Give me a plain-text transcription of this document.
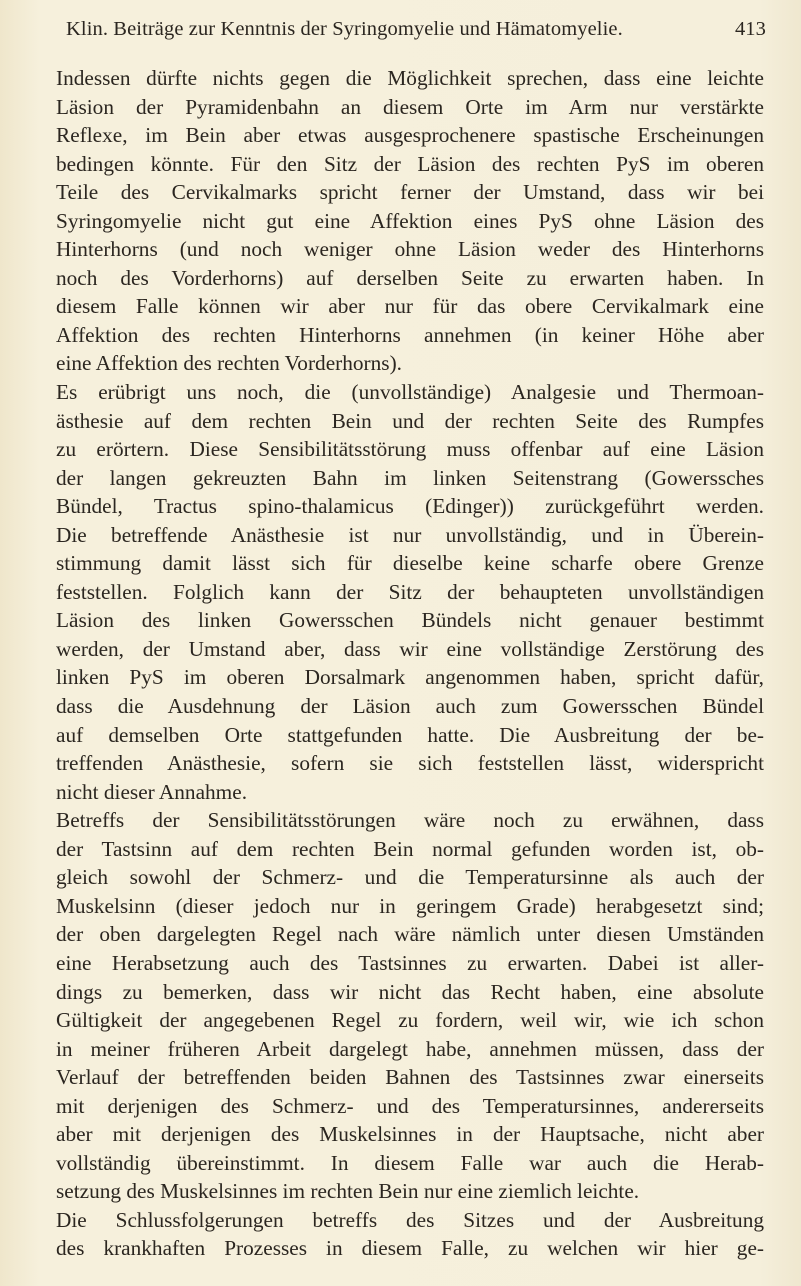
Klin. Beiträge zur Kenntnis der Syringomyelie und Hämatomyelie.	413

Indessen dürfte nichts gegen die Möglichkeit sprechen, dass eine leichte
Läsion der Pyramidenbahn an diesem Orte im Arm nur verstärkte
Reflexe, im Bein aber etwas ausgesprochenere spastische Erscheinungen
bedingen könnte. Für den Sitz der Läsion des rechten PyS im oberen
Teile des Cervikalmarks spricht ferner der Umstand, dass wir bei
Syringomyelie nicht gut eine Affektion eines PyS ohne Läsion des
Hinterhorns (und noch weniger ohne Läsion weder des Hinterhorns
noch des Vorderhorns) auf derselben Seite zu erwarten haben. In
diesem Falle können wir aber nur für das obere Cervikalmark eine
Affektion des rechten Hinterhorns annehmen (in keiner Höhe aber
eine Affektion des rechten Vorderhorns).

Es erübrigt uns noch, die (unvollständige) Analgesie und Thermoan-
ästhesie auf dem rechten Bein und der rechten Seite des Rumpfes
zu erörtern. Diese Sensibilitätsstörung muss offenbar auf eine Läsion
der langen gekreuzten Bahn im linken Seitenstrang (Gowerssches
Bündel, Tractus spino-thalamicus (Edinger)) zurückgeführt werden.
Die betreffende Anästhesie ist nur unvollständig, und in Überein-
stimmung damit lässt sich für dieselbe keine scharfe obere Grenze
feststellen. Folglich kann der Sitz der behaupteten unvollständigen
Läsion des linken Gowersschen Bündels nicht genauer bestimmt
werden, der Umstand aber, dass wir eine vollständige Zerstörung des
linken PyS im oberen Dorsalmark angenommen haben, spricht dafür,
dass die Ausdehnung der Läsion auch zum Gowersschen Bündel
auf demselben Orte stattgefunden hatte. Die Ausbreitung der be-
treffenden Anästhesie, sofern sie sich feststellen lässt, widerspricht
nicht dieser Annahme.

Betreffs der Sensibilitätsstörungen wäre noch zu erwähnen, dass
der Tastsinn auf dem rechten Bein normal gefunden worden ist, ob-
gleich sowohl der Schmerz- und die Temperatursinne als auch der
Muskelsinn (dieser jedoch nur in geringem Grade) herabgesetzt sind;
der oben dargelegten Regel nach wäre nämlich unter diesen Umständen
eine Herabsetzung auch des Tastsinnes zu erwarten. Dabei ist aller-
dings zu bemerken, dass wir nicht das Recht haben, eine absolute
Gültigkeit der angegebenen Regel zu fordern, weil wir, wie ich schon
in meiner früheren Arbeit dargelegt habe, annehmen müssen, dass der
Verlauf der betreffenden beiden Bahnen des Tastsinnes zwar einerseits
mit derjenigen des Schmerz- und des Temperatursinnes, andererseits
aber mit derjenigen des Muskelsinnes in der Hauptsache, nicht aber
vollständig übereinstimmt. In diesem Falle war auch die Herab-
setzung des Muskelsinnes im rechten Bein nur eine ziemlich leichte.

Die Schlussfolgerungen betreffs des Sitzes und der Ausbreitung
des krankhaften Prozesses in diesem Falle, zu welchen wir hier ge-
